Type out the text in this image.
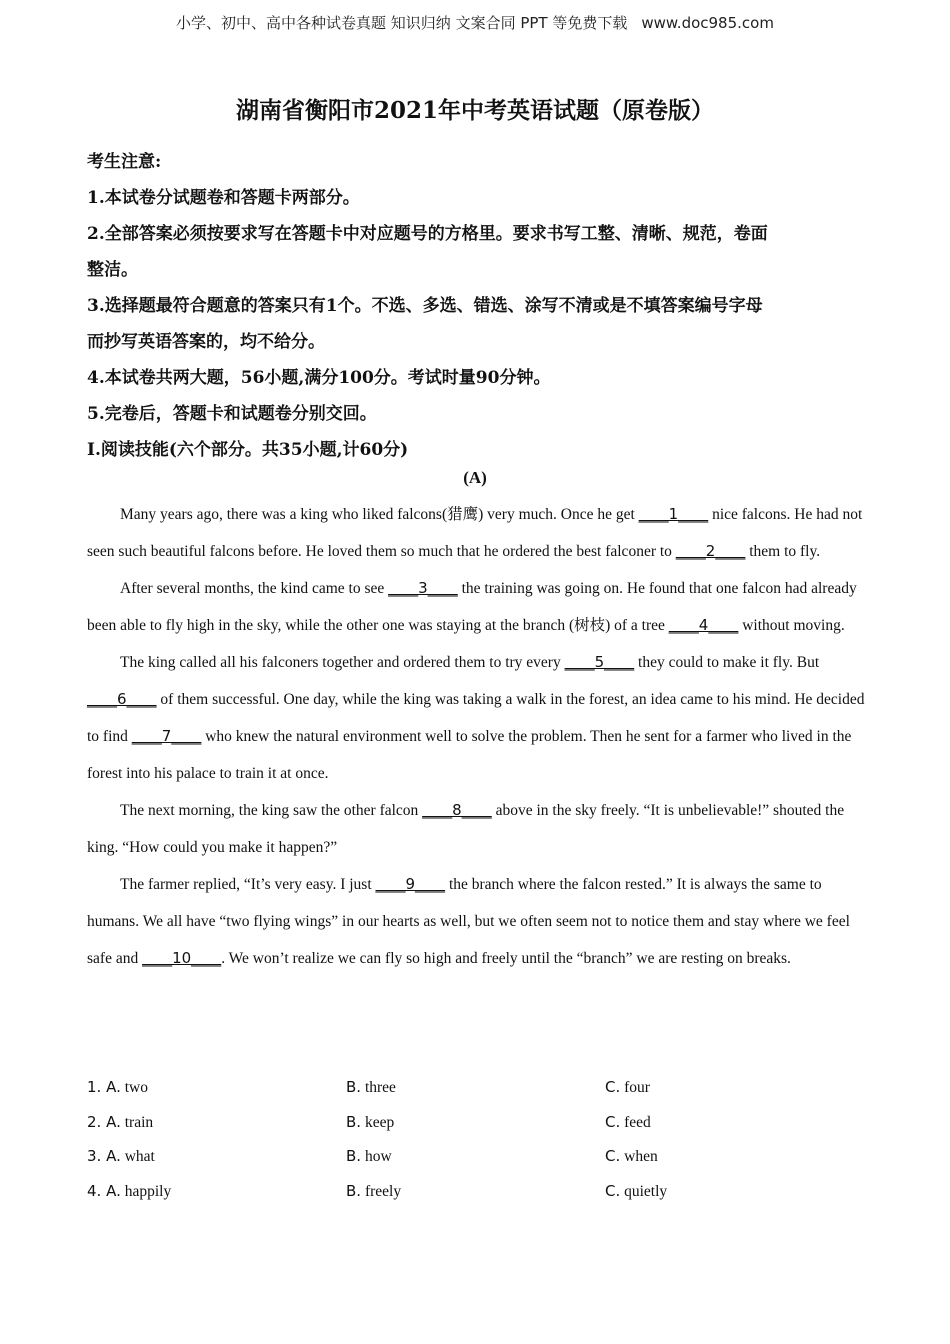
小学、初中、高中各种试卷真题 知识归纳 文案合同 PPT 等免费下载 www.doc985.com
湖南省衡阳市2021年中考英语试题（原卷版）

考生注意:

1.本试卷分试题卷和答题卡两部分。

2.全部答案必须按要求写在答题卡中对应题号的方格里。要求书写工整、清晰、规范，卷面

整洁。

3.选择题最符合题意的答案只有1个。不选、多选、错选、涂写不清或是不填答案编号字母

而抄写英语答案的，均不给分。

4.本试卷共两大题，56小题,满分100分。考试时量90分钟。

5.完卷后，答题卡和试题卷分别交回。

I.阅读技能(六个部分。共35小题,计60分)

(A)

Many years ago, there was a king who liked falcons(猎鹰) very much. Once he get ____1____ nice falcons. He had not seen such beautiful falcons before. He loved them so much that he ordered the best falconer to ____2____ them to fly.

After several months, the kind came to see ____3____ the training was going on. He found that one falcon had already been able to fly high in the sky, while the other one was staying at the branch (树枝) of a tree ____4____ without moving.

The king called all his falconers together and ordered them to try every ____5____ they could to make it fly. But ____6____ of them successful. One day, while the king was taking a walk in the forest, an idea came to his mind. He decided to find ____7____ who knew the natural environment well to solve the problem. Then he sent for a farmer who lived in the forest into his palace to train it at once.

The next morning, the king saw the other falcon ____8____ above in the sky freely. “It is unbelievable!” shouted the king. “How could you make it happen?”

The farmer replied, “It’s very easy. I just ____9____ the branch where the falcon rested.” It is always the same to humans. We all have “two flying wings” in our hearts as well, but we often seem not to notice them and stay where we feel safe and ____10____. We won’t realize we can fly so high and freely until the “branch” we are resting on breaks.

1. A. two	B. three	C. four
2. A. train	B. keep	C. feed
3. A. what	B. how	C. when
4. A. happily	B. freely	C. quietly
